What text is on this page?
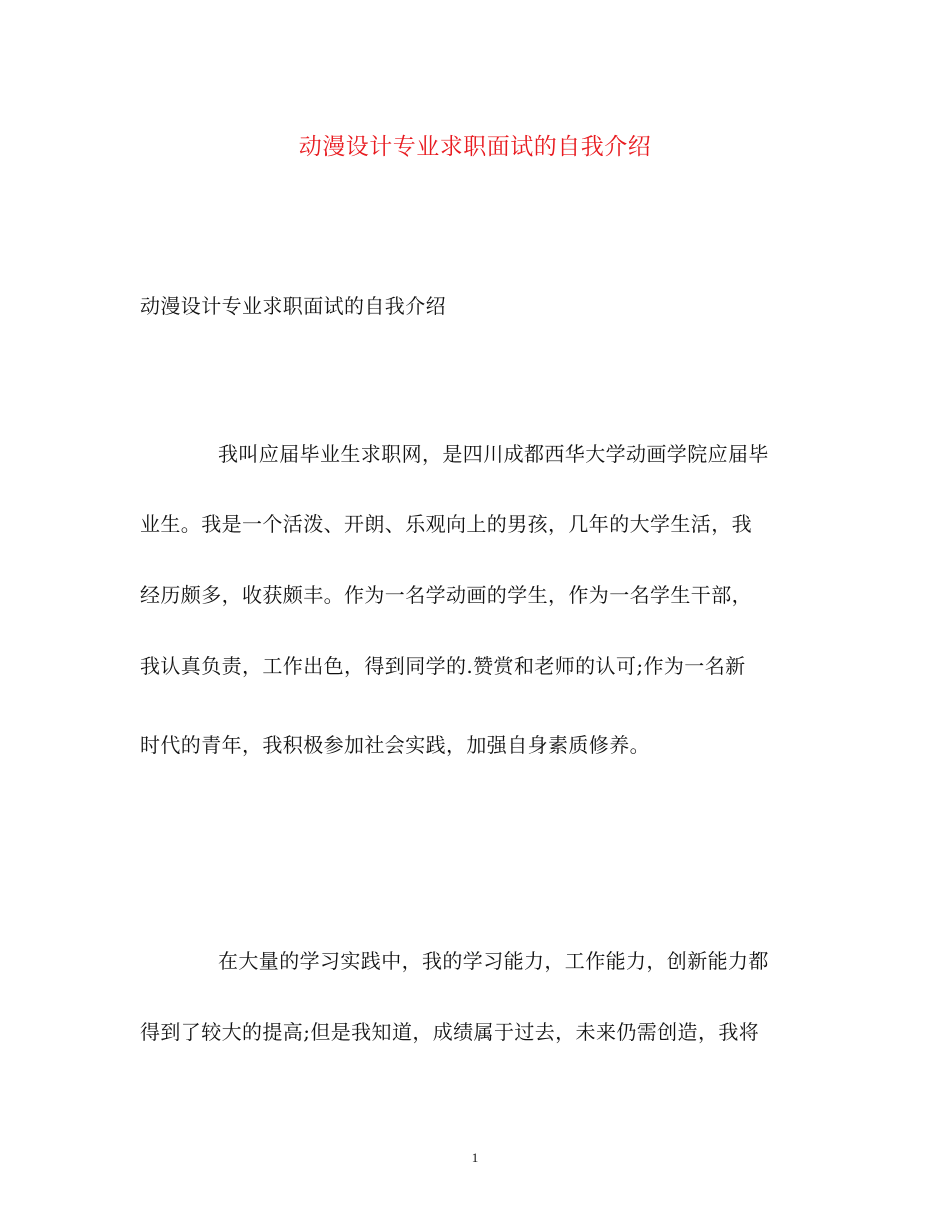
动漫设计专业求职面试的自我介绍
动漫设计专业求职面试的自我介绍
我叫应届毕业生求职网，是四川成都西华大学动画学院应届毕
业生。我是一个活泼、开朗、乐观向上的男孩，几年的大学生活，我
经历颇多，收获颇丰。作为一名学动画的学生，作为一名学生干部，
我认真负责，工作出色，得到同学的.赞赏和老师的认可;作为一名新
时代的青年，我积极参加社会实践，加强自身素质修养。
在大量的学习实践中，我的学习能力，工作能力，创新能力都
得到了较大的提高;但是我知道，成绩属于过去，未来仍需创造，我将
1
